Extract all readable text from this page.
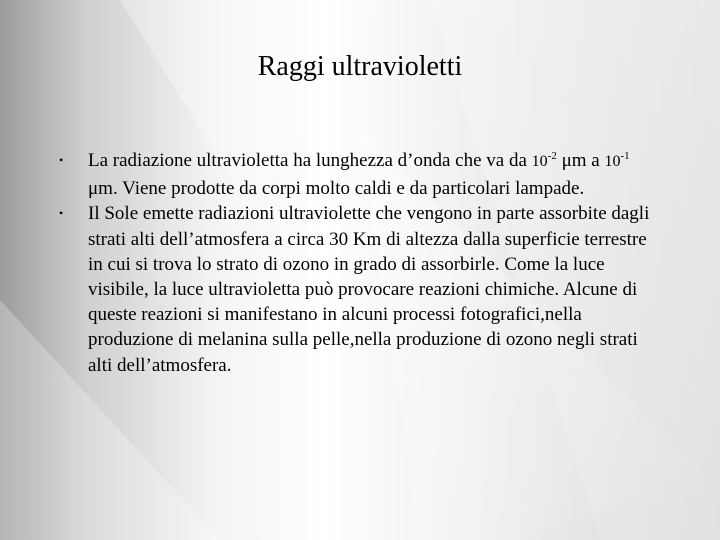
Raggi ultravioletti
• La radiazione ultravioletta ha lunghezza d’onda che va da $10^{-2}$ μm a $10^{-1}$ μm. Viene prodotte da corpi molto caldi e da particolari lampade.
• Il Sole emette radiazioni ultraviolette che vengono in parte assorbite dagli strati alti dell’atmosfera a circa 30 Km di altezza dalla superficie terrestre in cui si trova lo strato di ozono in grado di assorbirle. Come la luce visibile, la luce ultravioletta può provocare reazioni chimiche. Alcune di queste reazioni si manifestano in alcuni processi fotografici,nella produzione di melanina sulla pelle,nella produzione di ozono negli strati alti dell’atmosfera.
